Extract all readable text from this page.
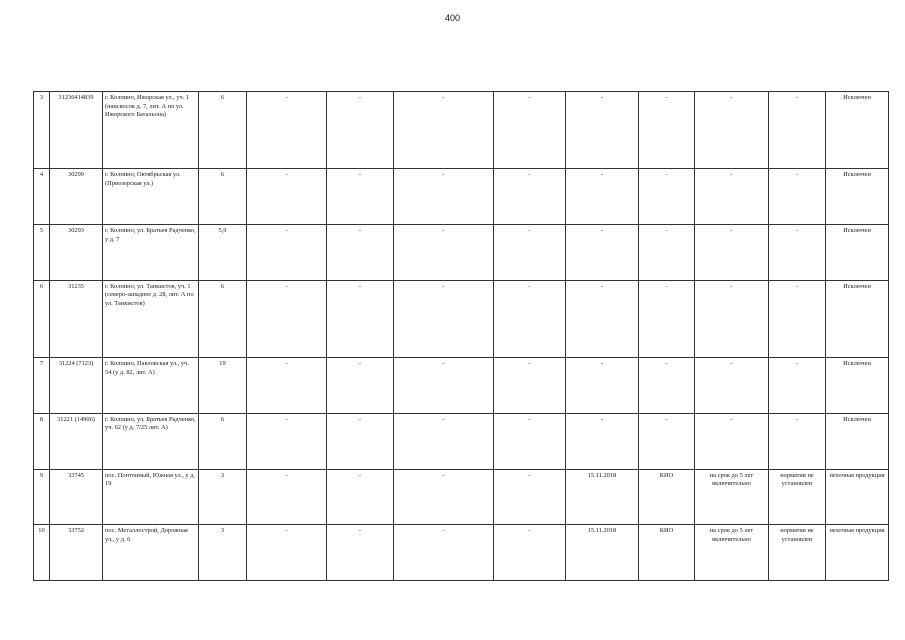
400
3	31236414839	г. Колпино, Ижорская ул., уч. 1 (наискосок д. 7, лит. А по ул. Ижорского Батальона)	6	-	-	-	-	-	-	-	-	Исключен
4	30299	г. Колпино, Октябрьская ул. (Приозерская ул.)	6	-	-	-	-	-	-	-	-	Исключен
5	30293	г. Колпино, ул. Братьев Радченко, у д. 7	5,9	-	-	-	-	-	-	-	-	Исключен
6	31235	г. Колпино, ул. Танкистов, уч. 1 (северо-западнее д. 28, лит. А по ул. Танкистов)	6	-	-	-	-	-	-	-	-	Исключен
7	31224 (7123)	г. Колпино, Павловская ул., уч. 54 (у д. 82, лит. А)	19	-	-	-	-	-	-	-	-	Исключен
8	31221 (14906)	г. Колпино, ул. Братьев Радченко, уч. 62 (у д. 7/25 лит. А)	6	-	-	-	-	-	-	-	-	Исключен
9	33745	пос. Понтонный, Южная ул., у д. 19	3	-	-	-	-	15.11.2018	КИО	на срок до 5 лет включительно	норматив не установлен	нехочная продукция
10	33752	пос. Металлострой, Дорожная ул., у д. 6	3	-	-	-	-	15.11.2018	КИО	на срок до 5 лет включительно	норматив не установлен	нехочная продукция
